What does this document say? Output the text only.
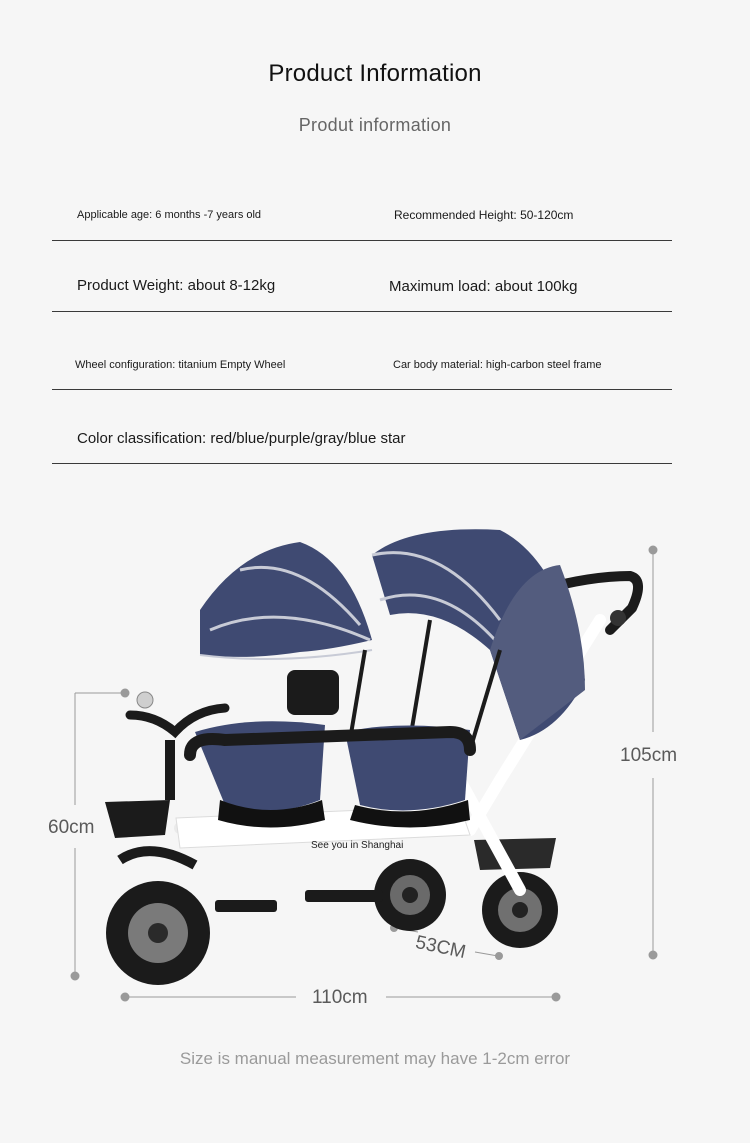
Product Information
Produt information
Applicable age: 6 months -7 years old	Recommended Height: 50-120cm
Product Weight: about 8-12kg	Maximum load: about 100kg
Wheel configuration: titanium Empty Wheel	Car body material: high-carbon steel frame
Color classification: red/blue/purple/gray/blue star
See you in Shanghai
105cm
60cm
53CM
110cm
Size is manual measurement may have 1-2cm error
